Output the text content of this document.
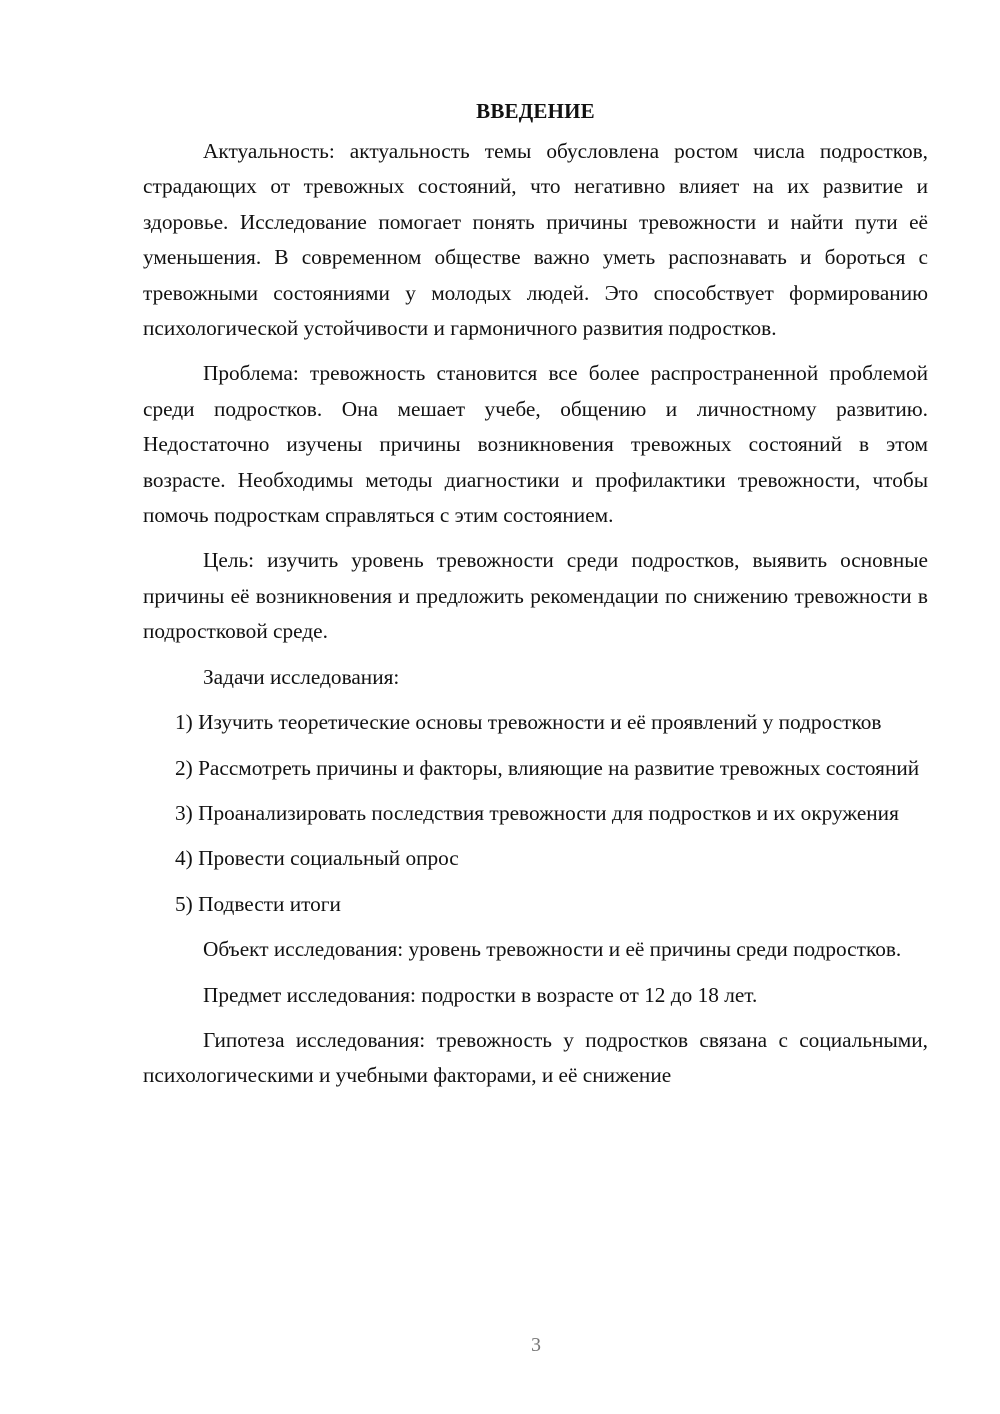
ВВЕДЕНИЕ

Актуальность: актуальность темы обусловлена ростом числа подростков, страдающих от тревожных состояний, что негативно влияет на их развитие и здоровье. Исследование помогает понять причины тревожности и найти пути её уменьшения. В современном обществе важно уметь распознавать и бороться с тревожными состояниями у молодых людей. Это способствует формированию психологической устойчивости и гармоничного развития подростков.

Проблема: тревожность становится все более распространенной проблемой среди подростков. Она мешает учебе, общению и личностному развитию. Недостаточно изучены причины возникновения тревожных состояний в этом возрасте. Необходимы методы диагностики и профилактики тревожности, чтобы помочь подросткам справляться с этим состоянием.

Цель: изучить уровень тревожности среди подростков, выявить основные причины её возникновения и предложить рекомендации по снижению тревожности в подростковой среде.

Задачи исследования:

1) Изучить теоретические основы тревожности и её проявлений у подростков

2) Рассмотреть причины и факторы, влияющие на развитие тревожных состояний

3) Проанализировать последствия тревожности для подростков и их окружения

4) Провести социальный опрос

5) Подвести итоги

Объект исследования: уровень тревожности и её причины среди подростков.

Предмет исследования: подростки в возрасте от 12 до 18 лет.

Гипотеза исследования: тревожность у подростков связана с социальными, психологическими и учебными факторами, и её снижение

3
